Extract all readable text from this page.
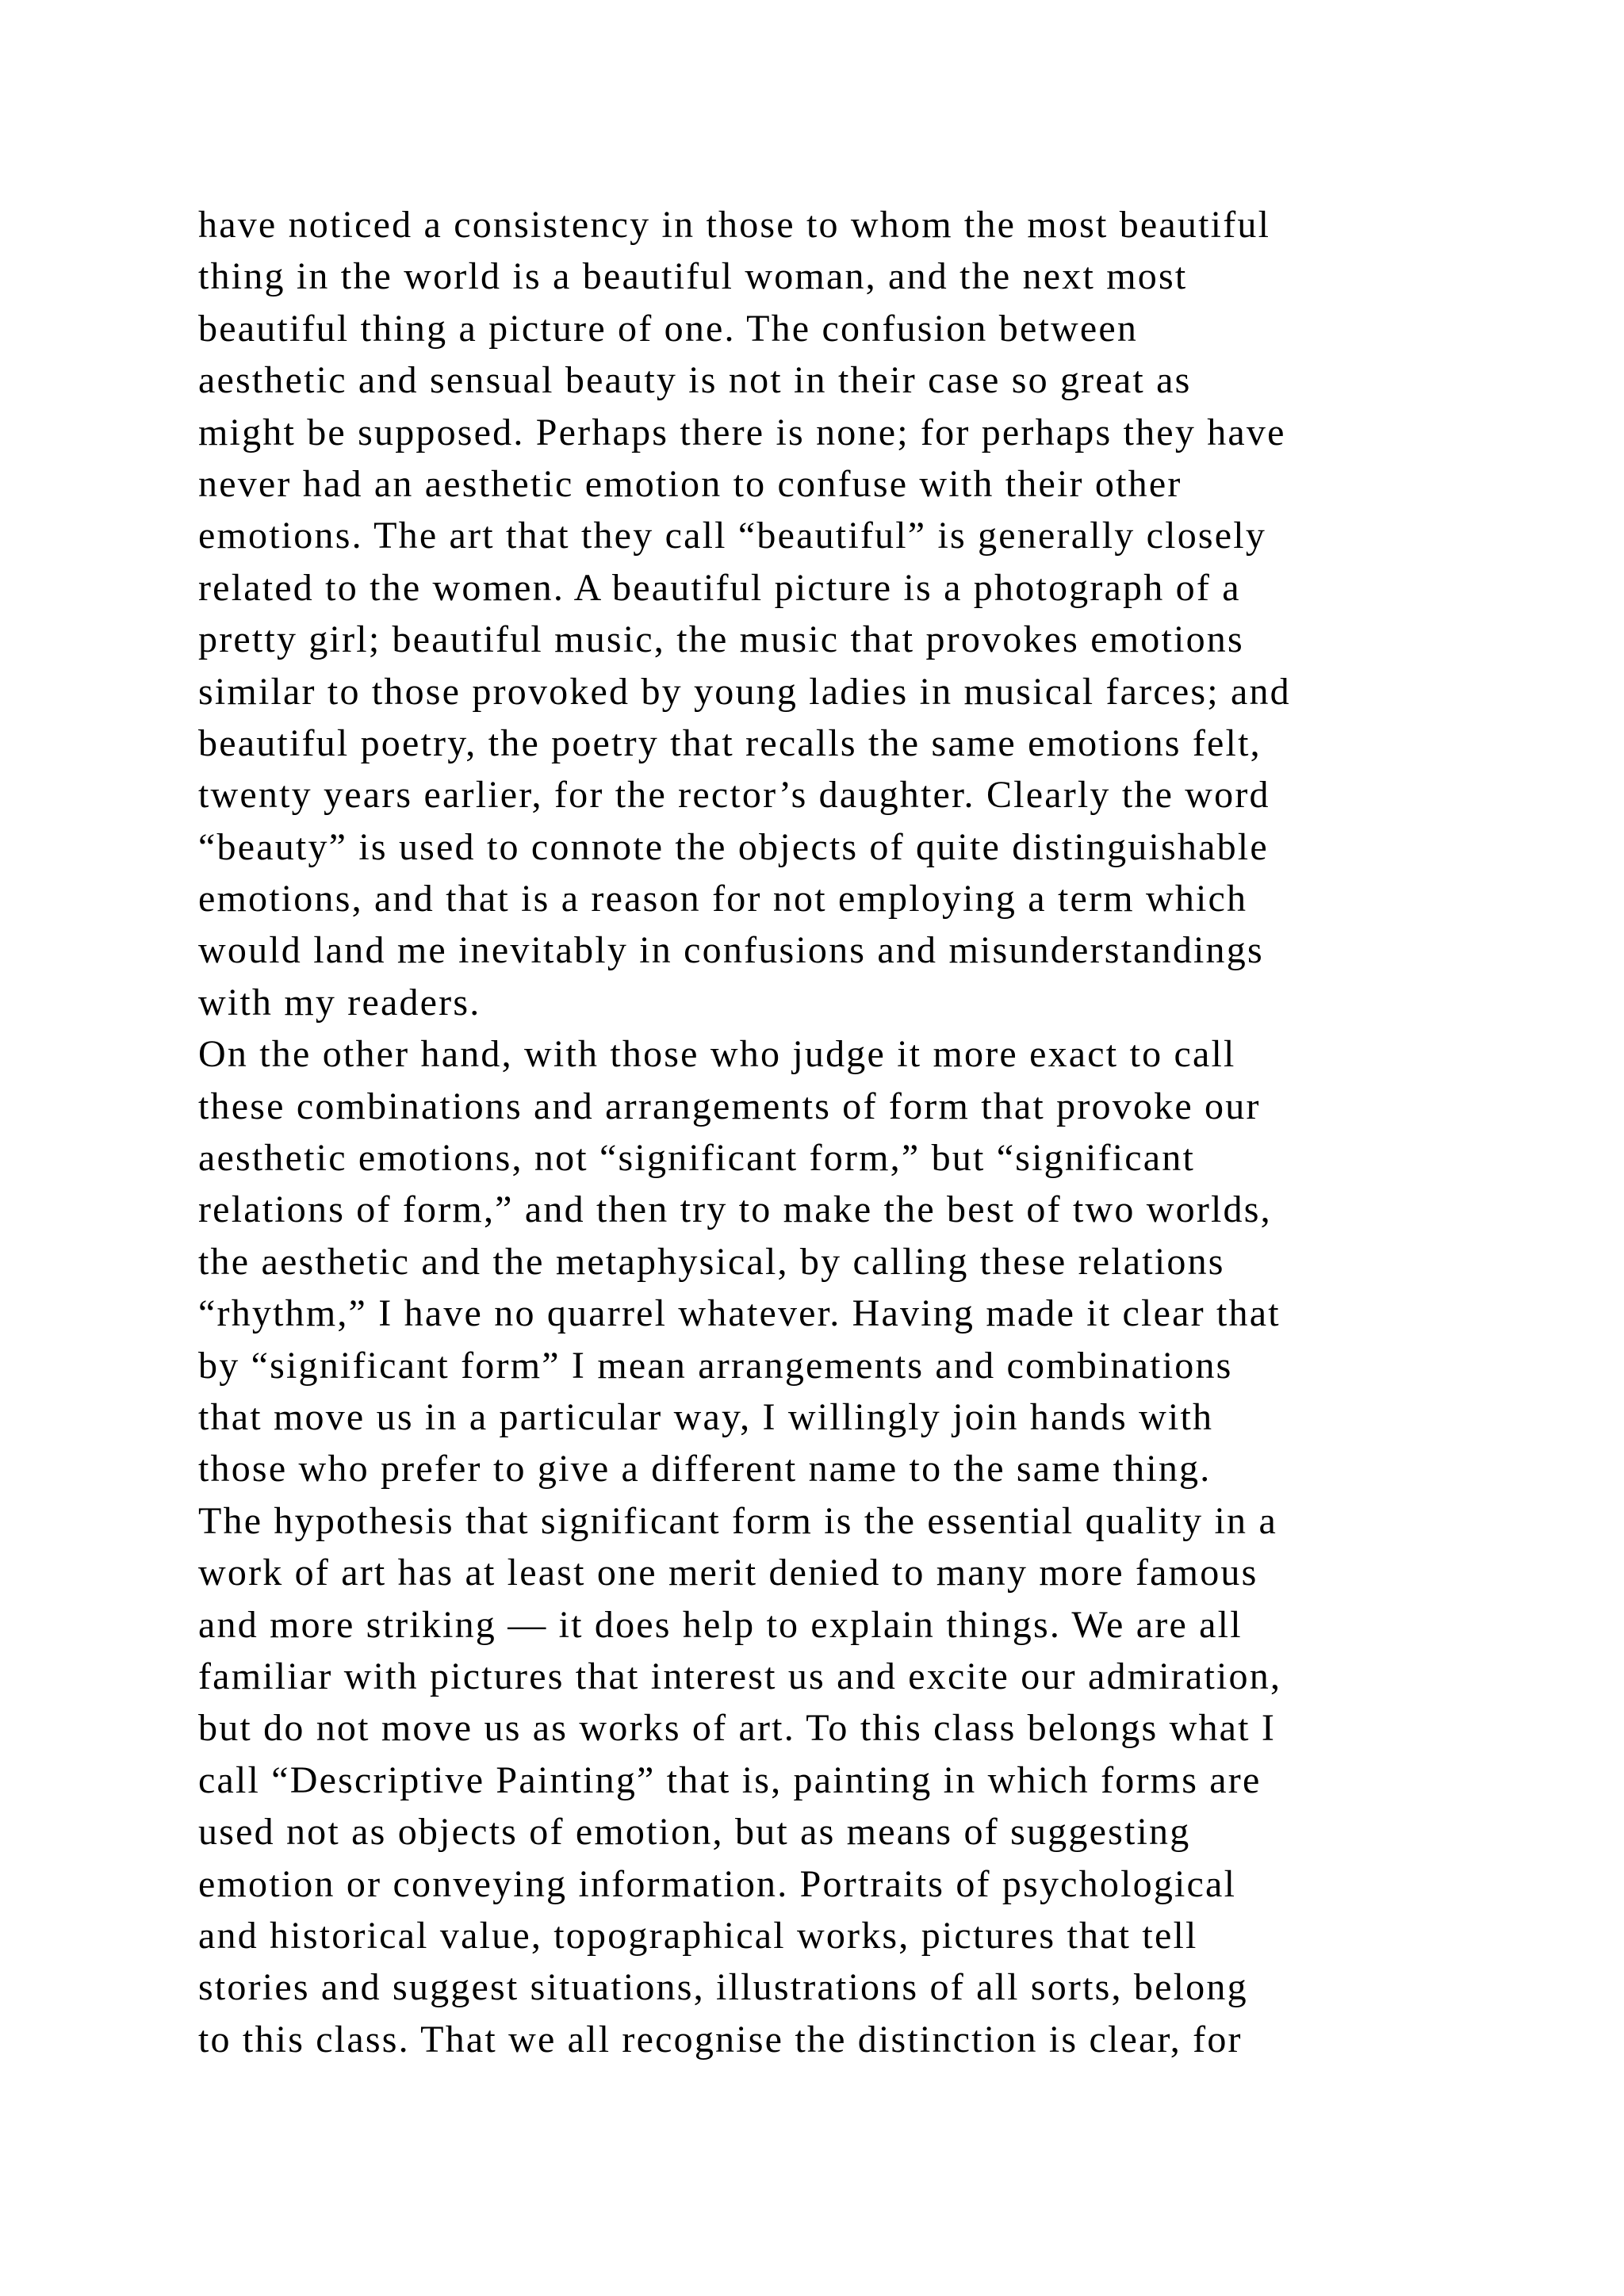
have noticed a consistency in those to whom the most beautiful
thing in the world is a beautiful woman, and the next most
beautiful thing a picture of one. The confusion between
aesthetic and sensual beauty is not in their case so great as
might be supposed. Perhaps there is none; for perhaps they have
never had an aesthetic emotion to confuse with their other
emotions. The art that they call “beautiful” is generally closely
related to the women. A beautiful picture is a photograph of a
pretty girl; beautiful music, the music that provokes emotions
similar to those provoked by young ladies in musical farces; and
beautiful poetry, the poetry that recalls the same emotions felt,
twenty years earlier, for the rector’s daughter. Clearly the word
“beauty” is used to connote the objects of quite distinguishable
emotions, and that is a reason for not employing a term which
would land me inevitably in confusions and misunderstandings
with my readers.
On the other hand, with those who judge it more exact to call
these combinations and arrangements of form that provoke our
aesthetic emotions, not “significant form,” but “significant
relations of form,” and then try to make the best of two worlds,
the aesthetic and the metaphysical, by calling these relations
“rhythm,” I have no quarrel whatever. Having made it clear that
by “significant form” I mean arrangements and combinations
that move us in a particular way, I willingly join hands with
those who prefer to give a different name to the same thing.
The hypothesis that significant form is the essential quality in a
work of art has at least one merit denied to many more famous
and more striking — it does help to explain things. We are all
familiar with pictures that interest us and excite our admiration,
but do not move us as works of art. To this class belongs what I
call “Descriptive Painting” that is, painting in which forms are
used not as objects of emotion, but as means of suggesting
emotion or conveying information. Portraits of psychological
and historical value, topographical works, pictures that tell
stories and suggest situations, illustrations of all sorts, belong
to this class. That we all recognise the distinction is clear, for
